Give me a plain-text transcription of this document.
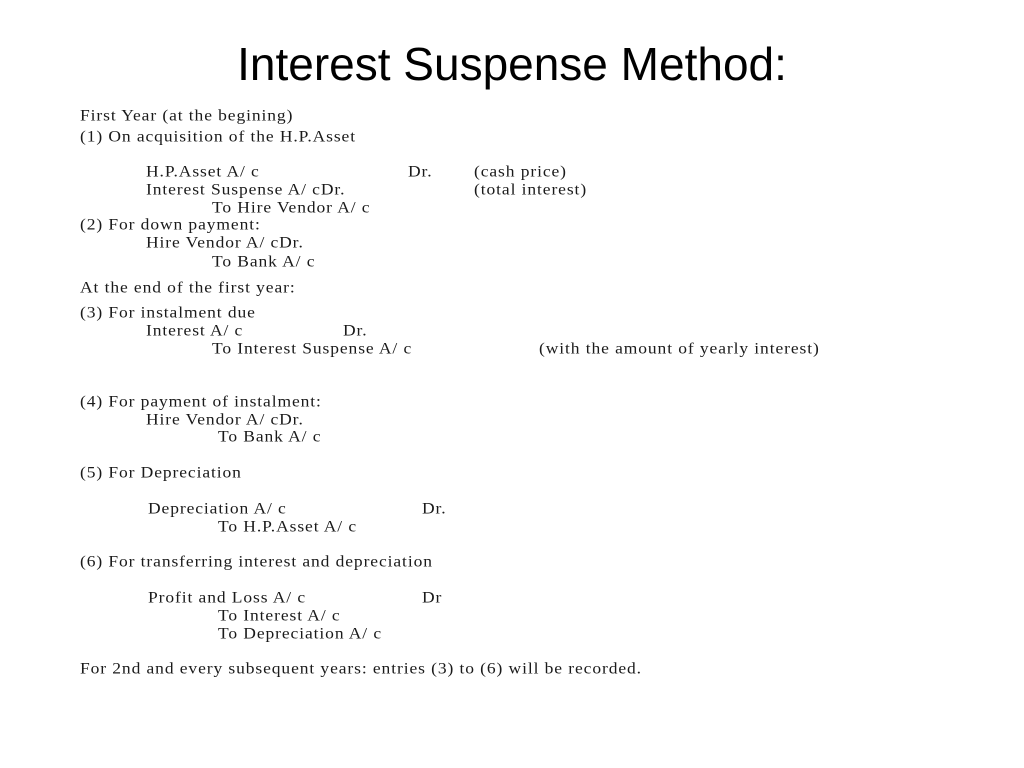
Interest Suspense Method:
First Year (at the begining)
(1) On acquisition of the H.P.Asset
H.P.Asset A/ c	Dr. (cash price)
Interest Suspense A/ cDr.	(total interest)
To Hire Vendor A/ c
(2) For down payment:
Hire Vendor A/ cDr.
To Bank A/ c
At the end of the first year:
(3) For instalment due
Interest A/ c	Dr.
To Interest Suspense A/ c	(with the amount of yearly interest)
(4) For payment of instalment:
Hire Vendor A/ cDr.
To Bank A/ c
(5) For Depreciation
Depreciation A/ c	Dr.
To H.P.Asset A/ c
(6) For transferring interest and depreciation
Profit and Loss A/ c	Dr
To Interest A/ c
To Depreciation A/ c
For 2nd and every subsequent years: entries (3) to (6) will be recorded.
